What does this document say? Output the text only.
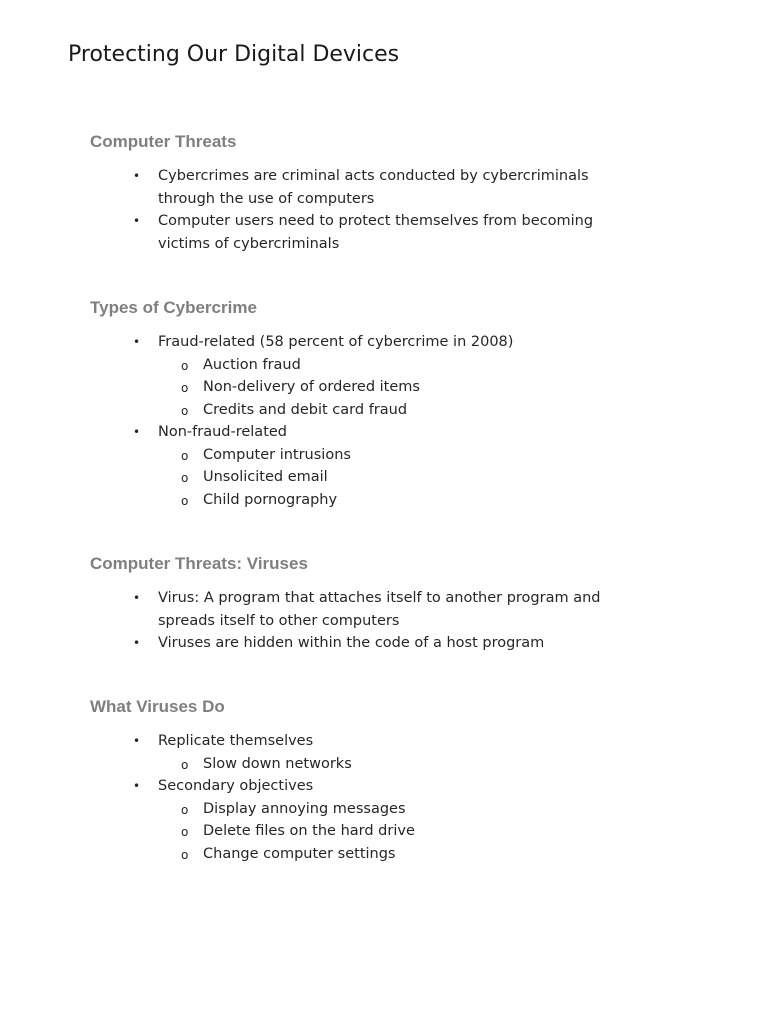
Protecting Our Digital Devices
Computer Threats
• Cybercrimes are criminal acts conducted by cybercriminals through the use of computers
• Computer users need to protect themselves from becoming victims of cybercriminals
Types of Cybercrime
• Fraud-related (58 percent of cybercrime in 2008)
o Auction fraud
o Non-delivery of ordered items
o Credits and debit card fraud
• Non-fraud-related
o Computer intrusions
o Unsolicited email
o Child pornography
Computer Threats: Viruses
• Virus: A program that attaches itself to another program and spreads itself to other computers
• Viruses are hidden within the code of a host program
What Viruses Do
• Replicate themselves
o Slow down networks
• Secondary objectives
o Display annoying messages
o Delete files on the hard drive
o Change computer settings
